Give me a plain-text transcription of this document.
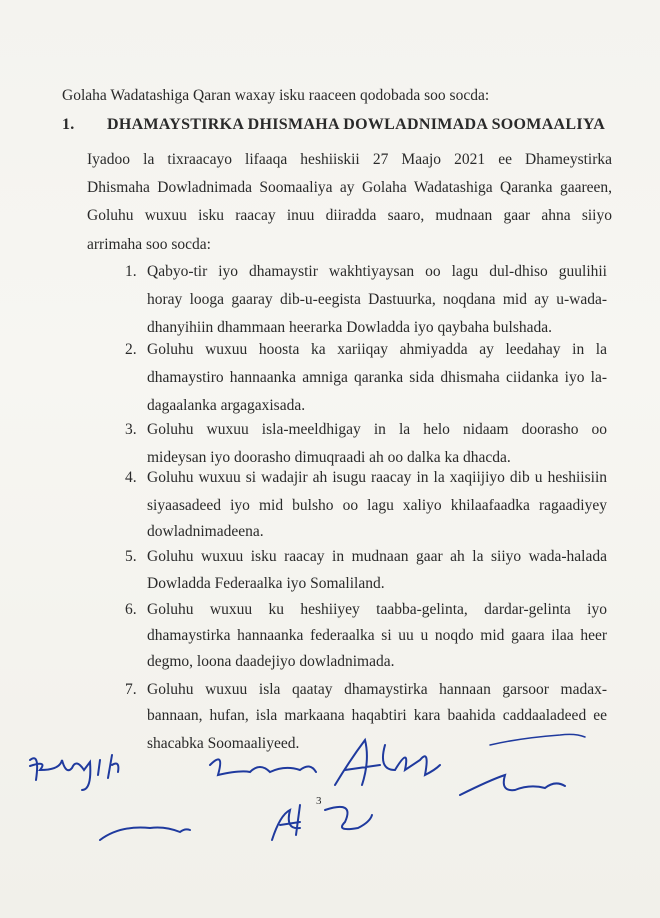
Golaha Wadatashiga Qaran waxay isku raaceen qodobada soo socda:
1. DHAMAYSTIRKA DHISMAHA DOWLADNIMADA SOOMAALIYA
Iyadoo la tixraacayo lifaaqa heshiiskii 27 Maajo 2021 ee Dhameystirka
Dhismaha Dowladnimada Soomaaliya ay Golaha Wadatashiga Qaranka gaareen,
Goluhu wuxuu isku raacay inuu diiradda saaro, mudnaan gaar ahna siiyo
arrimaha soo socda:
1. Qabyo-tir iyo dhamaystir wakhtiyaysan oo lagu dul-dhiso guulihii
horay looga gaaray dib-u-eegista Dastuurka, noqdana mid ay u-wada-
dhanyihiin dhammaan heerarka Dowladda iyo qaybaha bulshada.
2. Goluhu wuxuu hoosta ka xariiqay ahmiyadda ay leedahay in la
dhamaystiro hannaanka amniga qaranka sida dhismaha ciidanka iyo la-
dagaalanka argagaxisada.
3. Goluhu wuxuu isla-meeldhigay in la helo nidaam doorasho oo
mideysan iyo doorasho dimuqraadi ah oo dalka ka dhacda.
4. Goluhu wuxuu si wadajir ah isugu raacay in la xaqiijiyo dib u heshiisiin
siyaasadeed iyo mid bulsho oo lagu xaliyo khilaafaadka ragaadiyey
dowladnimadeena.
5. Goluhu wuxuu isku raacay in mudnaan gaar ah la siiyo wada-halada
Dowladda Federaalka iyo Somaliland.
6. Goluhu wuxuu ku heshiiyey taabba-gelinta, dardar-gelinta iyo
dhamaystirka hannaanka federaalka si uu u noqdo mid gaara ilaa heer
degmo, loona daadejiyo dowladnimada.
7. Goluhu wuxuu isla qaatay dhamaystirka hannaan garsoor madax-
bannaan, hufan, isla markaana haqabtiri kara baahida caddaaladeed ee
shacabka Soomaaliyeed.
3
